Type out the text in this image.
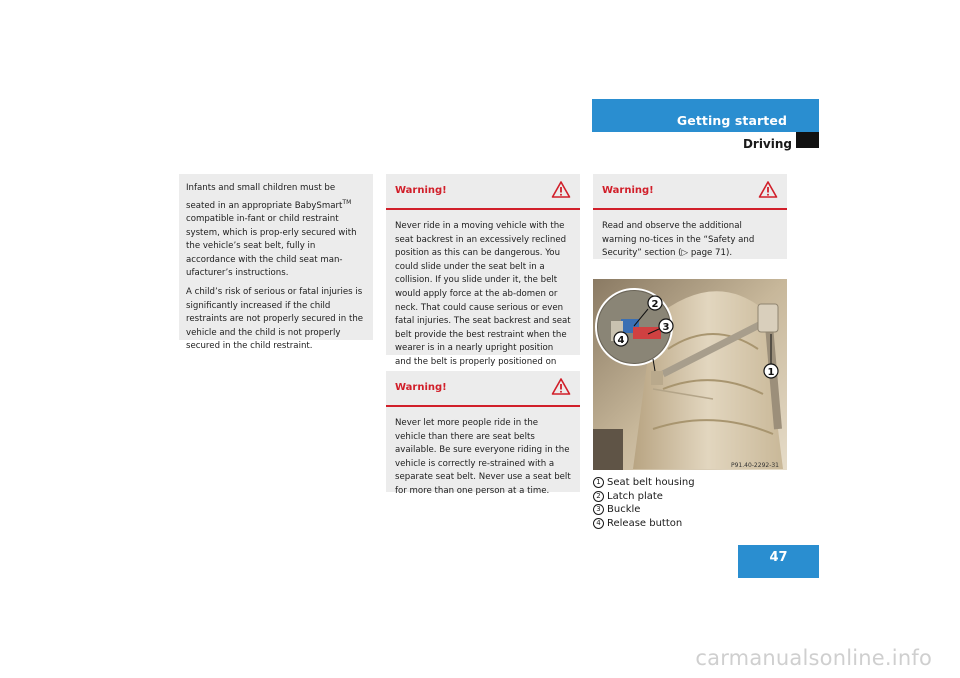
Getting started
Driving

Infants and small children must be seated in an appropriate BabySmart™ compatible in-fant or child restraint system, which is prop-erly secured with the vehicle’s seat belt, fully in accordance with the child seat man-ufacturer’s instructions.

A child’s risk of serious or fatal injuries is significantly increased if the child restraints are not properly secured in the vehicle and the child is not properly secured in the child restraint.

Warning!
Never ride in a moving vehicle with the seat backrest in an excessively reclined position as this can be dangerous. You could slide under the seat belt in a collision. If you slide under it, the belt would apply force at the ab-domen or neck. That could cause serious or even fatal injuries. The seat backrest and seat belt provide the best restraint when the wearer is in a nearly upright position and the belt is properly positioned on
Warning!
Never let more people ride in the vehicle than there are seat belts available. Be sure everyone riding in the vehicle is correctly re-strained with a separate seat belt. Never use a seat belt for more than one person at a time.
Warning!
Read and observe the additional warning no-tices in the “Safety and Security” section (▷ page 71).
1
2
3
4
P91.40-2292-31
1 Seat belt housing
2 Latch plate
3 Buckle
4 Release button
47
carmanualsonline.info
